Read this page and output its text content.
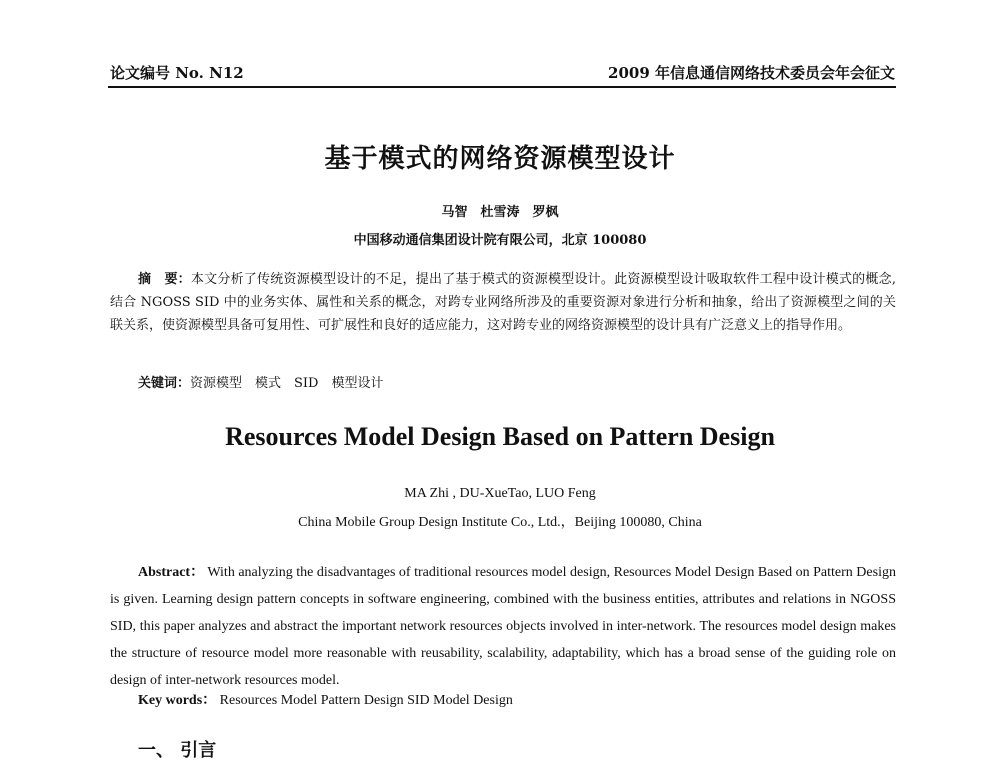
论文编号 No. N12	2009 年信息通信网络技术委员会年会征文
基于模式的网络资源模型设计
马智　杜雪涛　罗枫
中国移动通信集团设计院有限公司，北京 100080
摘　要：本文分析了传统资源模型设计的不足，提出了基于模式的资源模型设计。此资源模型设计吸取软件工程中设计模式的概念,结合 NGOSS SID 中的业务实体、属性和关系的概念，对跨专业网络所涉及的重要资源对象进行分析和抽象，给出了资源模型之间的关联关系，使资源模型具备可复用性、可扩展性和良好的适应能力，这对跨专业的网络资源模型的设计具有广泛意义上的指导作用。
关键词：资源模型　模式　SID　模型设计
Resources Model Design Based on Pattern Design
MA Zhi , DU-XueTao, LUO Feng
China Mobile Group Design Institute Co., Ltd.，Beijing 100080, China
Abstract： With analyzing the disadvantages of traditional resources model design, Resources Model Design Based on Pattern Design is given. Learning design pattern concepts in software engineering, combined with the business entities, attributes and relations in NGOSS SID, this paper analyzes and abstract the important network resources objects involved in inter-network. The resources model design makes the structure of resource model more reasonable with reusability, scalability, adaptability, which has a broad sense of the guiding role on design of inter-network resources model.
Key words： Resources Model Pattern Design SID Model Design
一、 引言
